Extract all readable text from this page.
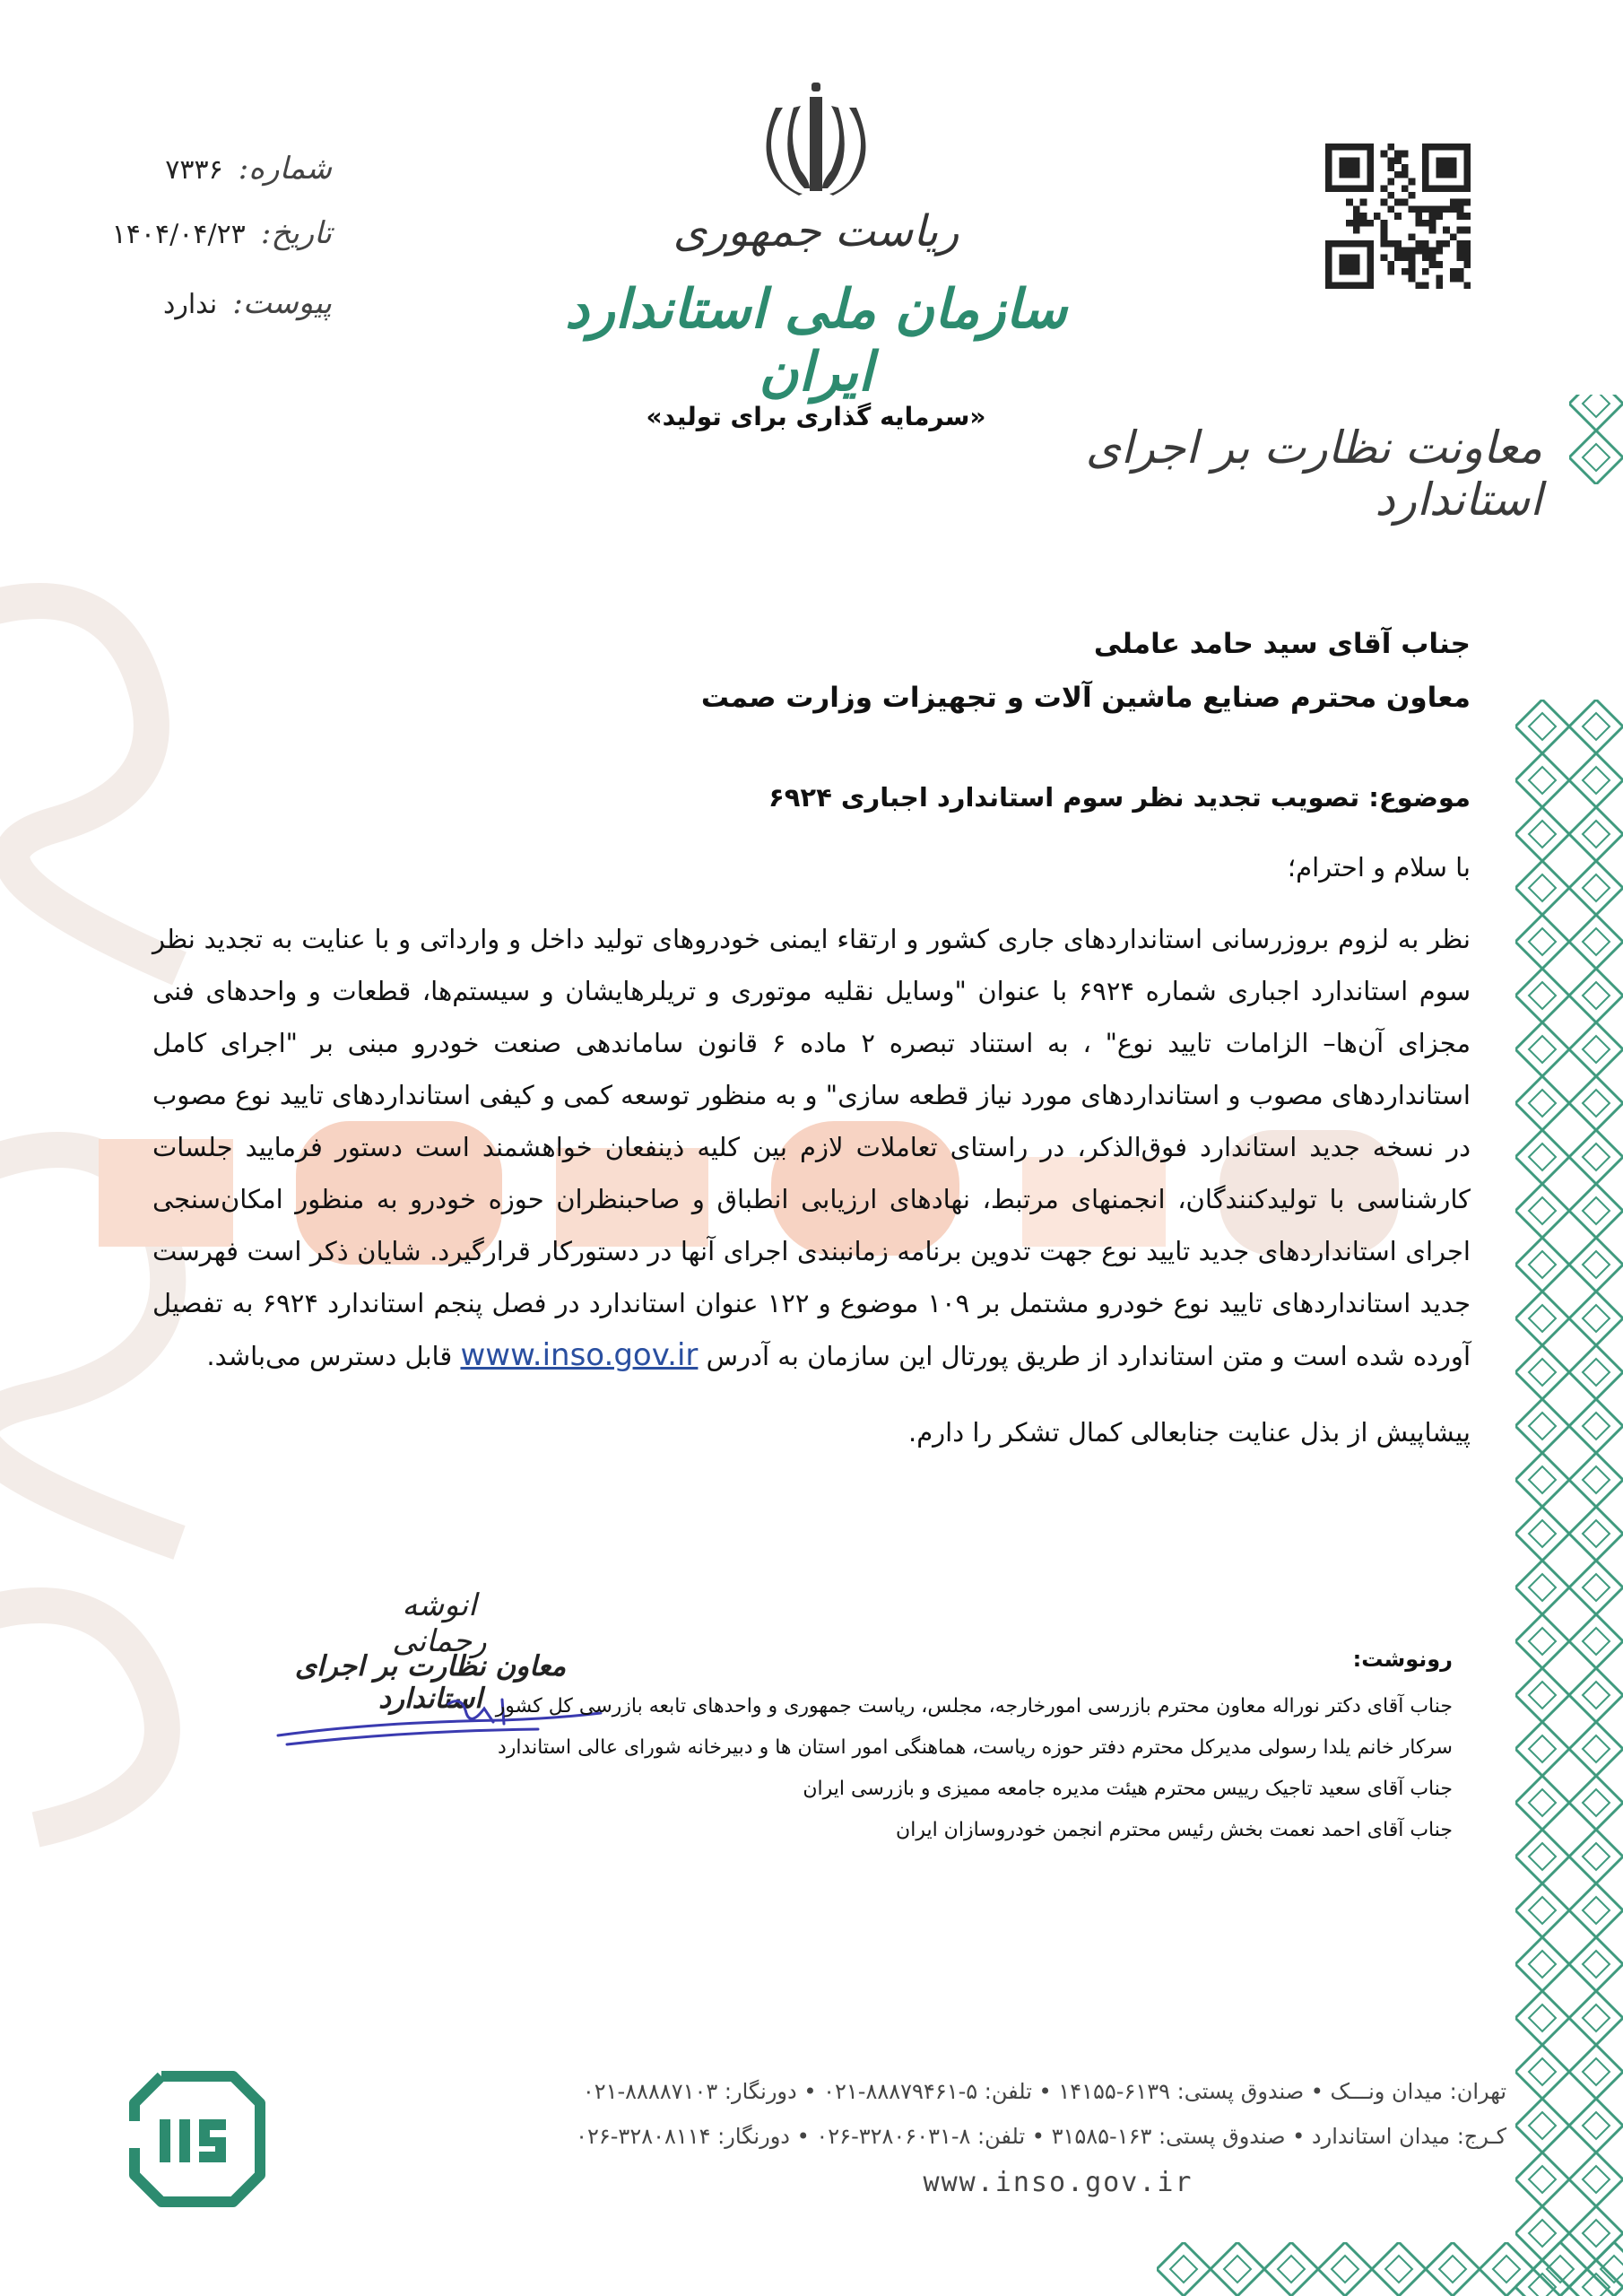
شماره: ۷۳۳۶
تاریخ: ۱۴۰۴/۰۴/۲۳
پیوست: ندارد
ریاست جمهوری
سازمان ملی استاندارد ایران
«سرمایه گذاری برای تولید»
معاونت نظارت بر اجرای استاندارد
جناب آقای سید حامد عاملی
معاون محترم صنایع ماشین آلات و تجهیزات وزارت صمت
موضوع: تصویب تجدید نظر سوم استاندارد اجباری ۶۹۲۴
با سلام و احترام؛
نظر به لزوم بروزرسانی استانداردهای جاری کشور و ارتقاء ایمنی خودروهای تولید داخل و وارداتی و با عنایت به تجدید نظر سوم استاندارد اجباری شماره ۶۹۲۴ با عنوان "وسایل نقلیه موتوری و تریلرهایشان و سیستم‌ها، قطعات و واحدهای فنی مجزای آن‌ها– الزامات تایید نوع" ، به استناد تبصره ۲ ماده ۶ قانون ساماندهی صنعت خودرو مبنی بر "اجرای کامل استانداردهای مصوب و استانداردهای مورد نیاز قطعه سازی" و به منظور توسعه کمی و کیفی استانداردهای تایید نوع مصوب در نسخه جدید استاندارد فوق‌الذکر، در راستای تعاملات لازم بین کلیه ذینفعان خواهشمند است دستور فرمایید جلسات کارشناسی با تولیدکنندگان، انجمنهای مرتبط، نهادهای ارزیابی انطباق و صاحبنظران حوزه خودرو به منظور امکان‌سنجی اجرای استانداردهای جدید تایید نوع جهت تدوین برنامه زمانبندی اجرای آنها در دستورکار قرارگیرد. شایان ذکر است فهرست جدید استانداردهای تایید نوع خودرو مشتمل بر ۱۰۹ موضوع و ۱۲۲ عنوان استاندارد در فصل پنجم استاندارد ۶۹۲۴ به تفصیل آورده شده است و متن استاندارد از طریق پورتال این سازمان به آدرس www.inso.gov.ir قابل دسترس می‌باشد.
پیشاپیش از بذل عنایت جنابعالی کمال تشکر را دارم.
انوشه رحمانی
معاون نظارت بر اجرای استاندارد
رونوشت:
جناب آقای دکتر نوراله معاون محترم بازرسی امورخارجه، مجلس، ریاست جمهوری و واحدهای تابعه بازرسی کل کشور
سرکار خانم یلدا رسولی مدیرکل محترم دفتر حوزه ریاست، هماهنگی امور استان ها و دبیرخانه شورای عالی استاندارد
جناب آقای سعید تاجیک رییس محترم هیئت مدیره جامعه ممیزی و بازرسی ایران
جناب آقای احمد نعمت بخش رئیس محترم انجمن خودروسازان ایران
تهران: میدان ونـــک • صندوق پستی: ۶۱۳۹-۱۴۱۵۵ • تلفن: ۵-۸۸۸۷۹۴۶۱-۰۲۱ • دورنگار: ۸۸۸۸۷۱۰۳-۰۲۱
کـرج: میدان استاندارد • صندوق پستی: ۱۶۳-۳۱۵۸۵ • تلفن: ۸-۳۲۸۰۶۰۳۱-۰۲۶ • دورنگار: ۳۲۸۰۸۱۱۴-۰۲۶
www.inso.gov.ir
